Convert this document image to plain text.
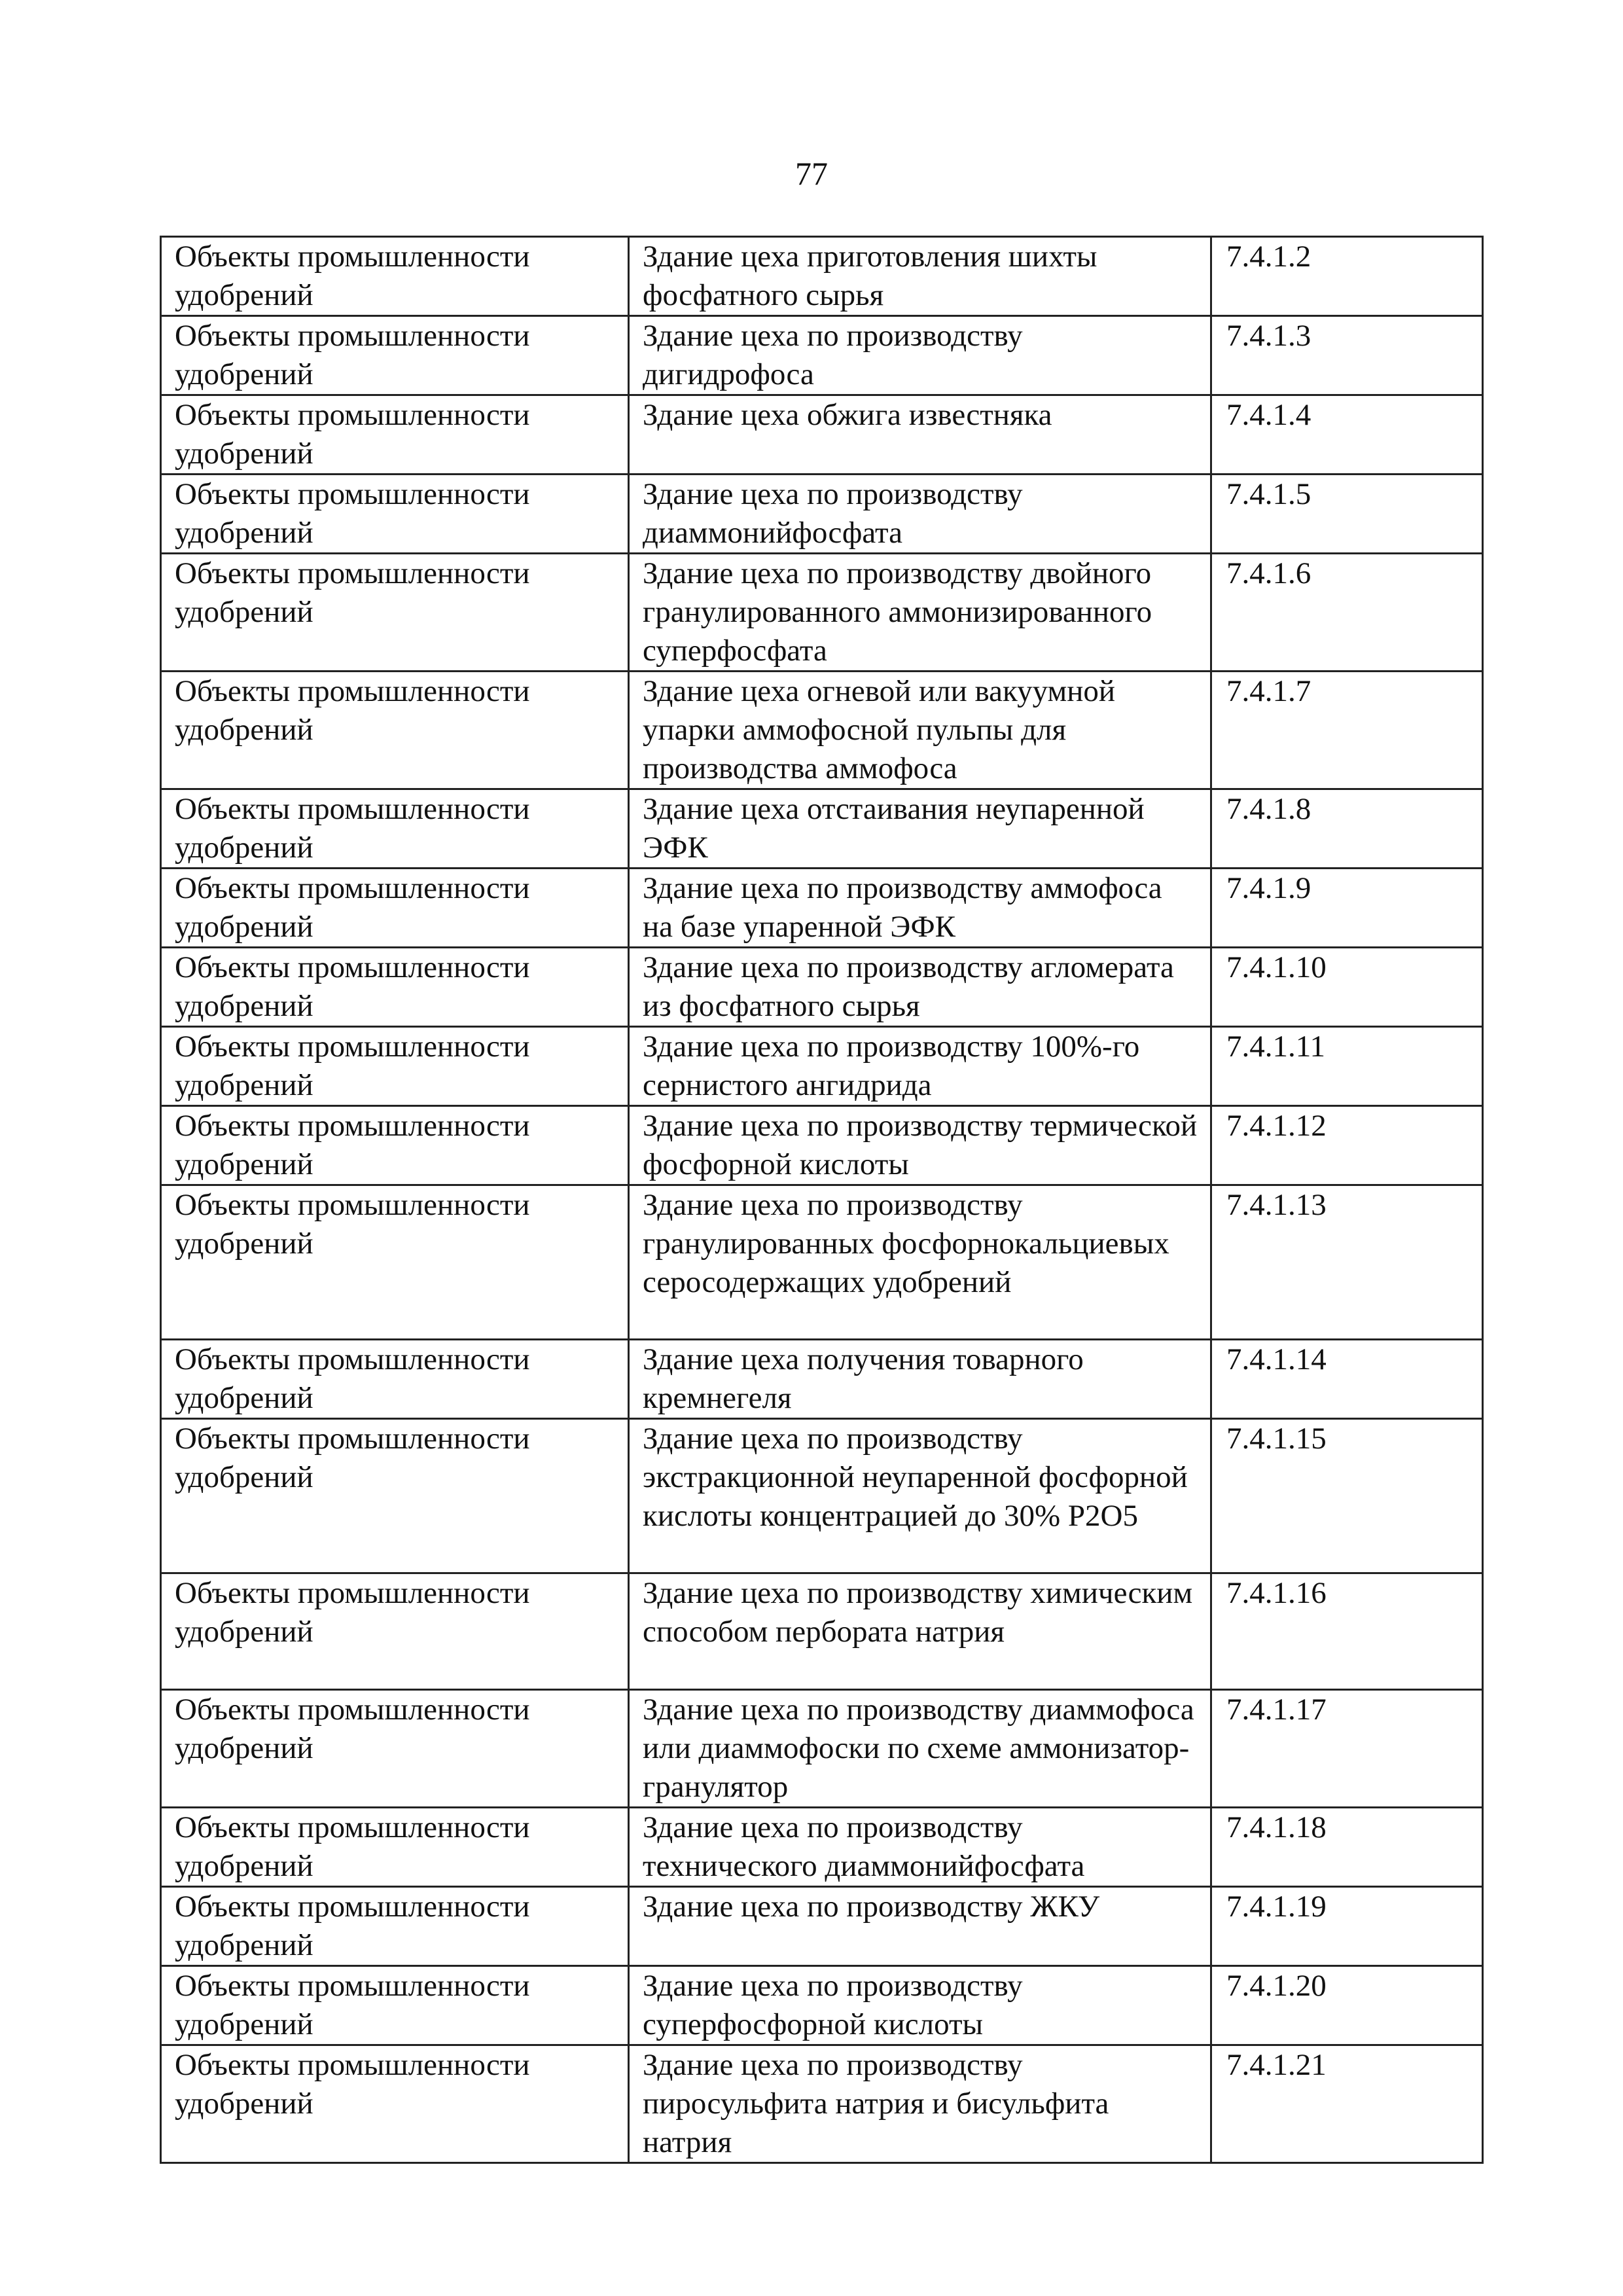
77
Объекты промышленности удобрений	Здание цеха приготовления шихты фосфатного сырья	7.4.1.2
Объекты промышленности удобрений	Здание цеха по производству дигидрофоса	7.4.1.3
Объекты промышленности удобрений	Здание цеха обжига известняка	7.4.1.4
Объекты промышленности удобрений	Здание цеха по производству диаммонийфосфата	7.4.1.5
Объекты промышленности удобрений	Здание цеха по производству двойного гранулированного аммонизированного суперфосфата	7.4.1.6
Объекты промышленности удобрений	Здание цеха огневой или вакуумной упарки аммофосной пульпы для производства аммофоса	7.4.1.7
Объекты промышленности удобрений	Здание цеха отстаивания неупаренной ЭФК	7.4.1.8
Объекты промышленности удобрений	Здание цеха по производству аммофоса на базе упаренной ЭФК	7.4.1.9
Объекты промышленности удобрений	Здание цеха по производству агломерата из фосфатного сырья	7.4.1.10
Объекты промышленности удобрений	Здание цеха по производству 100%-го сернистого ангидрида	7.4.1.11
Объекты промышленности удобрений	Здание цеха по производству термической фосфорной кислоты	7.4.1.12
Объекты промышленности удобрений	Здание цеха по производству гранулированных фосфорнокальциевых серосодержащих удобрений	7.4.1.13
Объекты промышленности удобрений	Здание цеха получения товарного кремнегеля	7.4.1.14
Объекты промышленности удобрений	Здание цеха по производству экстракционной неупаренной фосфорной кислоты концентрацией до 30% Р2О5	7.4.1.15
Объекты промышленности удобрений	Здание цеха по производству химическим способом пербората натрия	7.4.1.16
Объекты промышленности удобрений	Здание цеха по производству диаммофоса или диаммофоски по схеме аммонизатор-гранулятор	7.4.1.17
Объекты промышленности удобрений	Здание цеха по производству технического диаммонийфосфата	7.4.1.18
Объекты промышленности удобрений	Здание цеха по производству ЖКУ	7.4.1.19
Объекты промышленности удобрений	Здание цеха по производству суперфосфорной кислоты	7.4.1.20
Объекты промышленности удобрений	Здание цеха по производству пиросульфита натрия и бисульфита натрия	7.4.1.21
